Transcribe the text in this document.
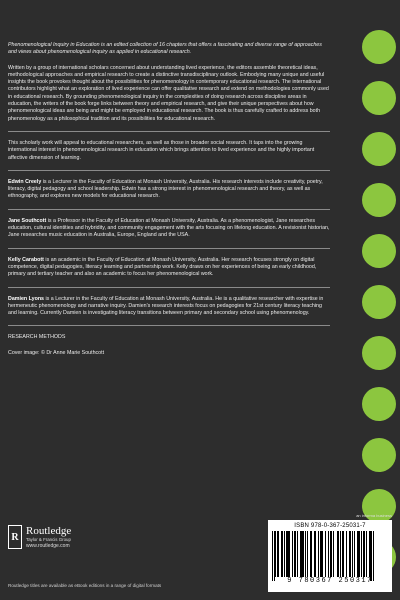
Phenomenological Inquiry in Education is an edited collection of 16 chapters that offers a fascinating and diverse range of approaches and views about phenomenological inquiry as applied in educational research.

Written by a group of international scholars concerned about understanding lived experience, the editors assemble theoretical ideas, methodological approaches and empirical research to create a distinctive transdisciplinary outlook. Embodying many unique and useful insights the book provokes thought about the possibilities for phenomenology in contemporary educational research. The international contributors highlight what an exploration of lived experience can offer qualitative research and extend on methodologies commonly used in educational research. By grounding phenomenological inquiry in the complexities of doing research across discipline areas in education, the writers of the book forge links between theory and empirical research, and give their unique perspectives about how phenomenological ideas are being and might be employed in educational research. The book is thus carefully crafted to address both phenomenology as a philosophical tradition and its possibilities for educational research.

This scholarly work will appeal to educational researchers, as well as those in broader social research. It taps into the growing international interest in phenomenological research in education which brings attention to lived experience and the highly important affective dimension of learning.

Edwin Creely is a Lecturer in the Faculty of Education at Monash University, Australia. His research interests include creativity, poetry, literacy, digital pedagogy and school leadership. Edwin has a strong interest in phenomenological research and theory, as well as ethnography, and explores new models for educational research.

Jane Southcott is a Professor in the Faculty of Education at Monash University, Australia. As a phenomenologist, Jane researches education, cultural identities and hybridity, and community engagement with the arts focusing on lifelong education. A revisionist historian, Jane researches music education in Australia, Europe, England and the USA.

Kelly Carabott is an academic in the Faculty of Education at Monash University, Australia. Her research focuses strongly on digital competence, digital pedagogies, literacy learning and partnership work. Kelly draws on her experiences of being an early childhood, primary and tertiary teacher and also an academic to focus her phenomenological work.

Damien Lyons is a Lecturer in the Faculty of Education at Monash University, Australia. He is a qualitative researcher with expertise in hermeneutic phenomenology and narrative inquiry. Damien's research interests focus on pedagogies for 21st century literacy teaching and learning. Currently Damien is investigating literacy transitions between primary and secondary school using phenomenology.

RESEARCH METHODS

Cover image: © Dr Anne Marie Southcott

R
Routledge
Taylor & Francis Group
www.routledge.com
Routledge titles are available as eBook editions in a range of digital formats
an informa business
ISBN 978-0-367-25031-7
9 780367 250317
